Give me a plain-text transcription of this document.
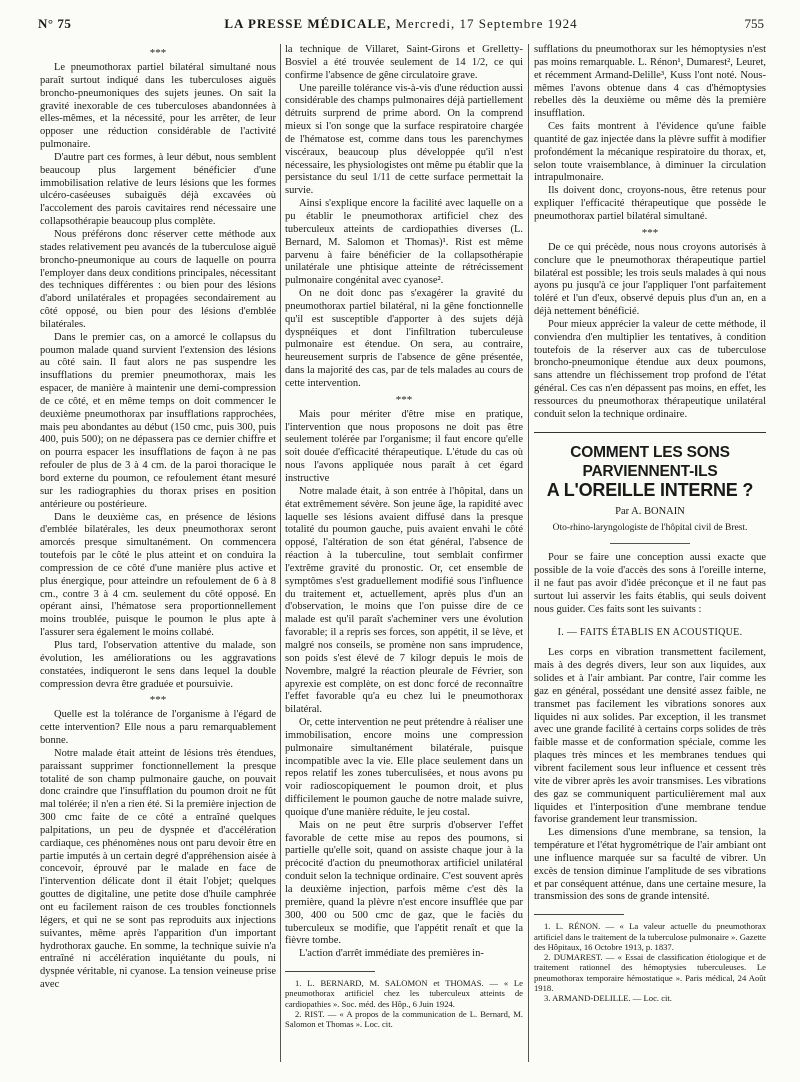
N° 75	LA PRESSE MÉDICALE, Mercredi, 17 Septembre 1924	755
***

Le pneumothorax partiel bilatéral simultané nous paraît surtout indiqué dans les tuberculoses aiguës broncho-pneumoniques des sujets jeunes. On sait la gravité inexorable de ces tuberculoses abandonnées à elles-mêmes, et la nécessité, pour les arrêter, de leur opposer une réduction considérable de l'activité pulmonaire.

D'autre part ces formes, à leur début, nous semblent beaucoup plus largement bénéficier d'une immobilisation relative de leurs lésions que les formes ulcéro-caséeuses subaiguës déjà excavées où l'accolement des parois cavitaires rend nécessaire une collapsothérapie beaucoup plus complète.

Nous préférons donc réserver cette méthode aux stades relativement peu avancés de la tuberculose aiguë broncho-pneumonique au cours de laquelle on pourra l'employer dans deux conditions principales, nécessitant des techniques différentes : ou bien pour des lésions d'abord unilatérales et propagées secondairement au côté opposé, ou bien pour des lésions d'emblée bilatérales.

Dans le premier cas, on a amorcé le collapsus du poumon malade quand survient l'extension des lésions au côté sain. Il faut alors ne pas suspendre les insufflations du premier pneumothorax, mais les espacer, de manière à maintenir une demi-compression de ce côté, et en même temps on doit commencer le deuxième pneumothorax par insufflations rapprochées, mais peu abondantes au début (150 cmc, puis 300, puis 400, puis 500); on ne dépassera pas ce dernier chiffre et on pourra espacer les insufflations de façon à ne pas refouler de plus de 3 à 4 cm. de la paroi thoracique le bord externe du poumon, ce refoulement étant mesuré sur les radiographies du thorax prises en position antérieure ou postérieure.

Dans le deuxième cas, en présence de lésions d'emblée bilatérales, les deux pneumothorax seront amorcés presque simultanément. On commencera toutefois par le côté le plus atteint et on conduira la compression de ce côté d'une manière plus active et plus énergique, pour atteindre un refoulement de 6 à 8 cm., contre 3 à 4 cm. seulement du côté opposé. En opérant ainsi, l'hématose sera proportionnellement moins troublée, puisque le poumon le plus apte à l'assurer sera également le moins collabé.

Plus tard, l'observation attentive du malade, son évolution, les améliorations ou les aggravations constatées, indiqueront le sens dans lequel la double compression devra être graduée et poursuivie.

***

Quelle est la tolérance de l'organisme à l'égard de cette intervention? Elle nous a paru remarquablement bonne.

Notre malade était atteint de lésions très étendues, paraissant supprimer fonctionnellement la presque totalité de son champ pulmonaire gauche, on pouvait donc craindre que l'insufflation du poumon droit ne fût mal tolérée; il n'en a rien été. Si la première injection de 300 cmc faite de ce côté a entraîné quelques palpitations, un peu de dyspnée et d'accélération cardiaque, ces phénomènes nous ont paru devoir être en partie imputés à un certain degré d'appréhension aisée à concevoir, éprouvé par le malade en face de l'intervention délicate dont il était l'objet; quelques gouttes de digitaline, une petite dose d'huile camphrée ont eu facilement raison de ces troubles fonctionnels légers, et qui ne se sont pas reproduits aux injections suivantes, même après l'apparition d'un important hydrothorax gauche. En somme, la technique suivie n'a entraîné ni accélération inquiétante du pouls, ni dyspnée véritable, ni cyanose. La tension veineuse prise avec

la technique de Villaret, Saint-Girons et Grelletty-Bosviel a été trouvée seulement de 14 1/2, ce qui confirme l'absence de gêne circulatoire grave.

Une pareille tolérance vis-à-vis d'une réduction aussi considérable des champs pulmonaires déjà partiellement détruits surprend de prime abord. On la comprend mieux si l'on songe que la surface respiratoire chargée de l'hématose est, comme dans tous les parenchymes viscéraux, beaucoup plus développée qu'il n'est nécessaire, les physiologistes ont même pu établir que la persistance du seul 1/11 de cette surface permettait la survie.

Ainsi s'explique encore la facilité avec laquelle on a pu établir le pneumothorax artificiel chez des tuberculeux atteints de cardiopathies diverses (L. Bernard, M. Salomon et Thomas)¹. Rist est même parvenu à faire bénéficier de la collapsothérapie unilatérale une phtisique atteinte de rétrécissement pulmonaire congénital avec cyanose².

On ne doit donc pas s'exagérer la gravité du pneumothorax partiel bilatéral, ni la gêne fonctionnelle qu'il est susceptible d'apporter à des sujets déjà dyspnéiques et dont l'infiltration tuberculeuse pulmonaire est étendue. On sera, au contraire, heureusement surpris de l'absence de gêne présentée, dans la majorité des cas, par de tels malades au cours de cette intervention.

***

Mais pour mériter d'être mise en pratique, l'intervention que nous proposons ne doit pas être seulement tolérée par l'organisme; il faut encore qu'elle soit douée d'efficacité thérapeutique. L'étude du cas où nous l'avons appliquée nous paraît à cet égard instructive

Notre malade était, à son entrée à l'hôpital, dans un état extrêmement sévère. Son jeune âge, la rapidité avec laquelle ses lésions avaient diffusé dans la presque totalité du poumon gauche, puis avaient envahi le côté opposé, l'altération de son état général, l'absence de réaction à la tuberculine, tout semblait confirmer l'extrême gravité du pronostic. Or, cet ensemble de symptômes s'est graduellement modifié sous l'influence du traitement et, actuellement, après plus d'un an d'observation, le moins que l'on puisse dire de ce malade est qu'il paraît s'acheminer vers une évolution favorable; il a repris ses forces, son appétit, il se lève, et malgré nos conseils, se promène non sans imprudence, son poids s'est élevé de 7 kilogr depuis le mois de Novembre, malgré la réaction pleurale de Février, son apyrexie est complète, on est donc forcé de reconnaître l'effet favorable qu'a eu chez lui le pneumothorax bilatéral.

Or, cette intervention ne peut prétendre à réaliser une immobilisation, encore moins une compression pulmonaire simultanément bilatérale, puisque incompatible avec la vie. Elle place seulement dans un repos relatif les zones tuberculisées, et nous avons pu voir radioscopiquement le poumon droit, et plus difficilement le poumon gauche de notre malade suivre, quoique d'une manière réduite, le jeu costal.

Mais on ne peut être surpris d'observer l'effet favorable de cette mise au repos des poumons, si partielle qu'elle soit, quand on assiste chaque jour à la précocité d'action du pneumothorax artificiel unilatéral conduit selon la technique ordinaire. C'est souvent après la deuxième injection, parfois même c'est dès la première, quand la plèvre n'est encore insufflée que par 300, 400 ou 500 cmc de gaz, que le faciès du tuberculeux se modifie, que l'appétit renaît et que la fièvre tombe.

L'action d'arrêt immédiate des premières in-

1. L. BERNARD, M. SALOMON et THOMAS. — « Le pneumothorax artificiel chez les tuberculeux atteints de cardiopathies ». Soc. méd. des Hôp., 6 Juin 1924.

2. RIST. — « A propos de la communication de L. Bernard, M. Salomon et Thomas ». Loc. cit.

sufflations du pneumothorax sur les hémoptysies n'est pas moins remarquable. L. Rénon¹, Dumarest², Leuret, et récemment Armand-Delille³, Kuss l'ont noté. Nous-mêmes l'avons obtenue dans 4 cas d'hémoptysies rebelles dès la deuxième ou même dès la première insufflation.

Ces faits montrent à l'évidence qu'une faible quantité de gaz injectée dans la plèvre suffit à modifier profondément la mécanique respiratoire du thorax, et, selon toute vraisemblance, à diminuer la circulation intrapulmonaire.

Ils doivent donc, croyons-nous, être retenus pour expliquer l'efficacité thérapeutique que possède le pneumothorax partiel bilatéral simultané.

***

De ce qui précède, nous nous croyons autorisés à conclure que le pneumothorax thérapeutique partiel bilatéral est possible; les trois seuls malades à qui nous ayons pu jusqu'à ce jour l'appliquer l'ont parfaitement toléré et l'un d'eux, observé depuis plus d'un an, en a déjà nettement bénéficié.

Pour mieux apprécier la valeur de cette méthode, il conviendra d'en multiplier les tentatives, à condition toutefois de la réserver aux cas de tuberculose broncho-pneumonique étendue aux deux poumons, sans attendre un fléchissement trop profond de l'état général. Ces cas n'en dépassent pas moins, en effet, les ressources du pneumothorax thérapeutique unilatéral conduit selon la technique ordinaire.

COMMENT LES SONS PARVIENNENT-ILS
A L'OREILLE INTERNE ?
Par A. BONAIN
Oto-rhino-laryngologiste de l'hôpital civil de Brest.

Pour se faire une conception aussi exacte que possible de la voie d'accès des sons à l'oreille interne, il ne faut pas avoir d'idée préconçue et il ne faut pas surtout lui asservir les faits établis, qui seuls doivent nous guider. Ces faits sont les suivants :

I. — FAITS ÉTABLIS EN ACOUSTIQUE.

Les corps en vibration transmettent facilement, mais à des degrés divers, leur son aux liquides, aux solides et à l'air ambiant. Par contre, l'air comme les gaz en général, possédant une densité assez faible, ne transmet pas facilement les vibrations sonores aux liquides ni aux solides. Par exception, il les transmet avec une grande facilité à certains corps solides de très faible masse et de conformation spéciale, comme les plaques très minces et les membranes tendues qui vibrent facilement sous leur influence et cessent très vite de vibrer après les avoir transmises. Les vibrations des gaz se communiquent particulièrement mal aux liquides et l'interposition d'une membrane tendue favorise grandement leur transmission.

Les dimensions d'une membrane, sa tension, la température et l'état hygrométrique de l'air ambiant ont une influence marquée sur sa faculté de vibrer. Un excès de tension diminue l'amplitude de ses vibrations et par conséquent atténue, dans une certaine mesure, la transmission des sons de grande intensité.

1. L. RÉNON. — « La valeur actuelle du pneumothorax artificiel dans le traitement de la tuberculose pulmonaire ». Gazette des Hôpitaux, 16 Octobre 1913, p. 1837.

2. DUMAREST. — « Essai de classification étiologique et de traitement rationnel des hémoptysies tuberculeuses. Le pneumothorax temporaire hémostatique ». Paris médical, 24 Août 1918.

3. ARMAND-DELILLE. — Loc. cit.
